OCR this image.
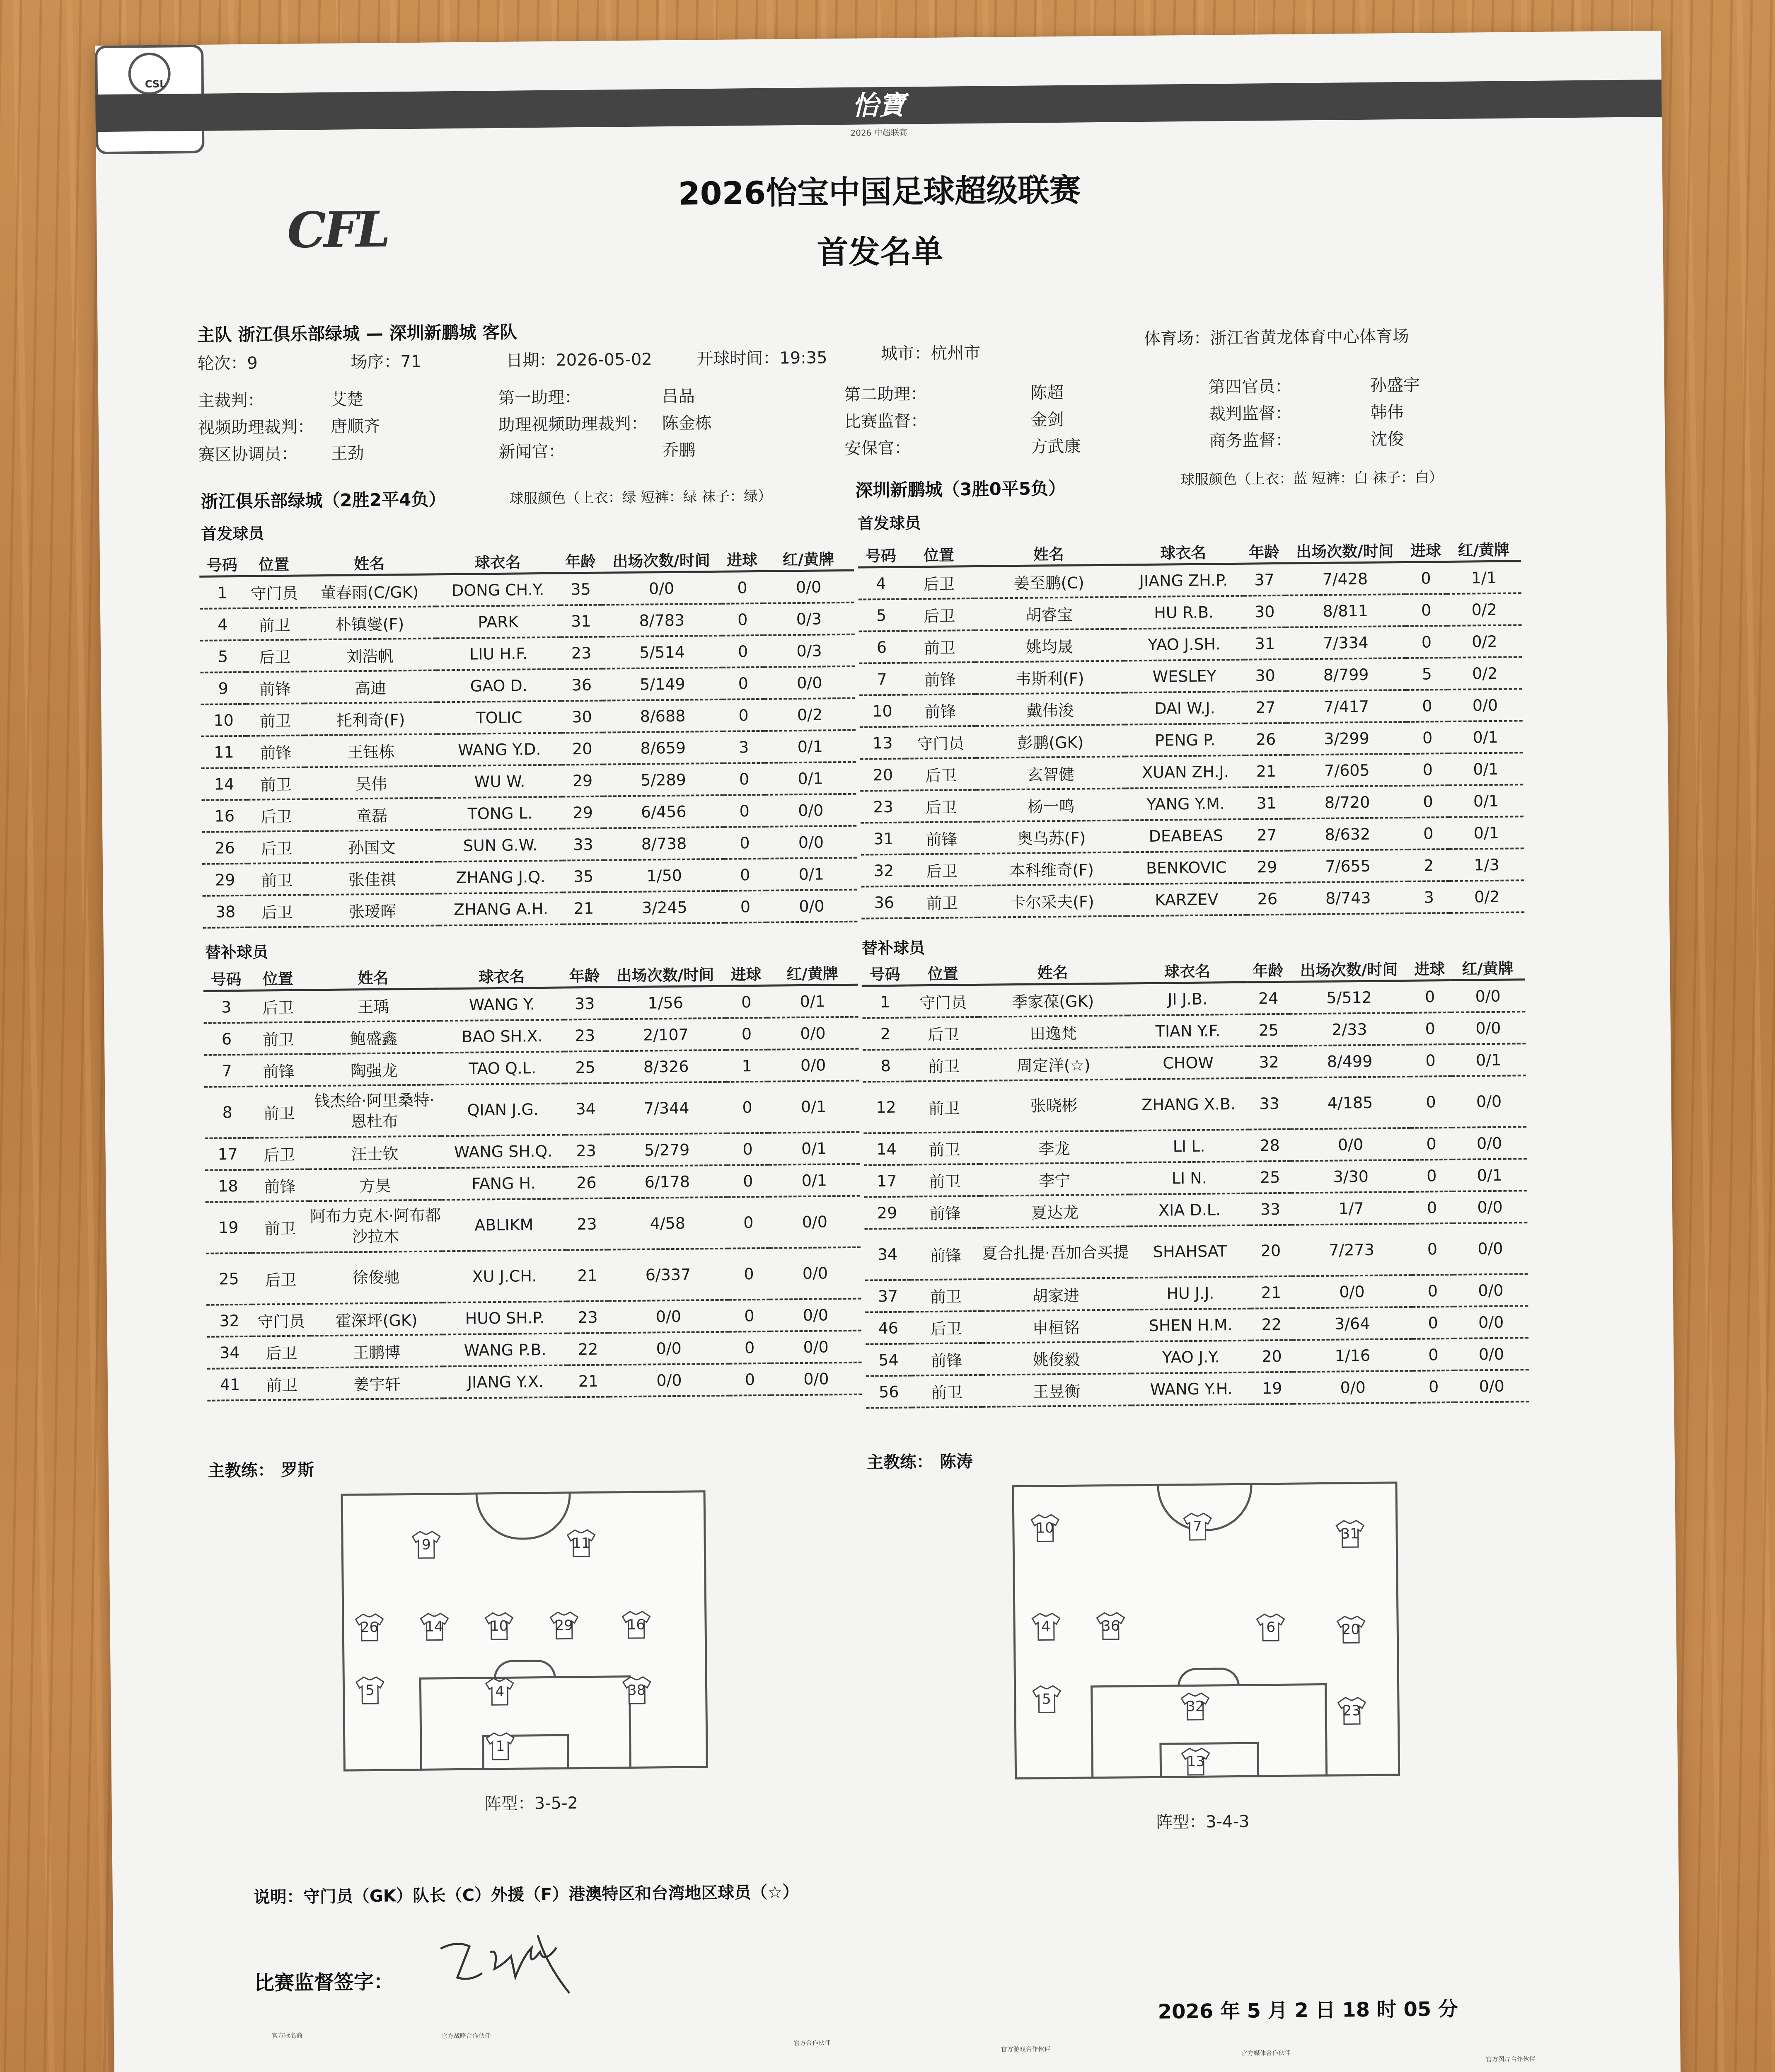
CFL
2026怡宝中国足球超级联赛
首发名单
CSL
怡寶
2026 中超联赛
主队 浙江俱乐部绿城 — 深圳新鹏城 客队
轮次：9	场序：71	日期：2026-05-02	开球时间：19:35	城市：杭州市
体育场：浙江省黄龙体育中心体育场
主裁判：	艾楚	第一助理：	吕品	第二助理：	陈超	第四官员：	孙盛宇
视频助理裁判： 唐顺齐	助理视频助理裁判： 陈金栋	比赛监督：	金剑	裁判监督：	韩伟
赛区协调员： 王劲	新闻官：	乔鹏	安保官：	方武康	商务监督：	沈俊
浙江俱乐部绿城（2胜2平4负）	球服颜色（上衣：绿 短裤：绿 袜子：绿）	深圳新鹏城（3胜0平5负）	球服颜色（上衣：蓝 短裤：白 袜子：白）
首发球员
首发球员
号码	位置	姓名	球衣名	年龄	出场次数/时间	进球	红/黄牌
1	守门员	董春雨(C/GK)	DONG CH.Y.	35	0/0	0	0/0
4	前卫	朴镇燮(F)	PARK	31	8/783	0	0/3
5	后卫	刘浩帆	LIU H.F.	23	5/514	0	0/3
9	前锋	高迪	GAO D.	36	5/149	0	0/0
10	前卫	托利奇(F)	TOLIC	30	8/688	0	0/2
11	前锋	王钰栋	WANG Y.D.	20	8/659	3	0/1
14	前卫	吴伟	WU W.	29	5/289	0	0/1
16	后卫	童磊	TONG L.	29	6/456	0	0/0
26	后卫	孙国文	SUN G.W.	33	8/738	0	0/0
29	前卫	张佳祺	ZHANG J.Q.	35	1/50	0	0/1
38	后卫	张瑷晖	ZHANG A.H.	21	3/245	0	0/0
号码	位置	姓名	球衣名	年龄	出场次数/时间	进球	红/黄牌
4	后卫	姜至鹏(C)	JIANG ZH.P.	37	7/428	0	1/1
5	后卫	胡睿宝	HU R.B.	30	8/811	0	0/2
6	前卫	姚均晟	YAO J.SH.	31	7/334	0	0/2
7	前锋	韦斯利(F)	WESLEY	30	8/799	5	0/2
10	前锋	戴伟浚	DAI W.J.	27	7/417	0	0/0
13	守门员	彭鹏(GK)	PENG P.	26	3/299	0	0/1
20	后卫	玄智健	XUAN ZH.J.	21	7/605	0	0/1
23	后卫	杨一鸣	YANG Y.M.	31	8/720	0	0/1
31	前锋	奥乌苏(F)	DEABEAS	27	8/632	0	0/1
32	后卫	本科维奇(F)	BENKOVIC	29	7/655	2	1/3
36	前卫	卡尔采夫(F)	KARZEV	26	8/743	3	0/2
替补球员	替补球员
号码	位置	姓名	球衣名	年龄	出场次数/时间	进球	红/黄牌
3	后卫	王瑀	WANG Y.	33	1/56	0	0/1
6	前卫	鲍盛鑫	BAO SH.X.	23	2/107	0	0/0
7	前锋	陶强龙	TAO Q.L.	25	8/326	1	0/0
8	前卫	钱杰给·阿里桑特·恩杜布	QIAN J.G.	34	7/344	0	0/1
17	后卫	汪士钦	WANG SH.Q.	23	5/279	0	0/1
18	前锋	方昊	FANG H.	26	6/178	0	0/1
19	前卫	阿布力克木·阿布都沙拉木	ABLIKM	23	4/58	0	0/0
25	后卫	徐俊驰	XU J.CH.	21	6/337	0	0/0
32	守门员	霍深坪(GK)	HUO SH.P.	23	0/0	0	0/0
34	后卫	王鹏博	WANG P.B.	22	0/0	0	0/0
41	前卫	姜宇轩	JIANG Y.X.	21	0/0	0	0/0
号码	位置	姓名	球衣名	年龄	出场次数/时间	进球	红/黄牌
1	守门员	季家葆(GK)	JI J.B.	24	5/512	0	0/0
2	后卫	田逸梵	TIAN Y.F.	25	2/33	0	0/0
8	前卫	周定洋(☆)	CHOW	32	8/499	0	0/1
12	前卫	张晓彬	ZHANG X.B.	33	4/185	0	0/0
14	前卫	李龙	LI L.	28	0/0	0	0/0
17	前卫	李宁	LI N.	25	3/30	0	0/1
29	前锋	夏达龙	XIA D.L.	33	1/7	0	0/0
34	前锋	夏合扎提·吾加合买提	SHAHSAT	20	7/273	0	0/0
37	前卫	胡家进	HU J.J.	21	0/0	0	0/0
46	后卫	申桓铭	SHEN H.M.	22	3/64	0	0/0
54	前锋	姚俊毅	YAO J.Y.	20	1/16	0	0/0
56	前卫	王昱衡	WANG Y.H.	19	0/0	0	0/0
主教练： 罗斯	主教练： 陈涛
9	11
26	14	10	29	16
4
5	38
1
阵型：3-5-2
10	7	31
4	36	6	20
5	32	23
13
阵型：3-4-3
说明：守门员（GK）队长（C）外援（F）港澳特区和台湾地区球员（☆）
比赛监督签字：
2026 年 5 月 2 日 18 时 05 分
官方冠名商	官方战略合作伙伴
官方合作伙伴
官方游戏合作伙伴	官方媒体合作伙伴
官方图片合作伙伴
